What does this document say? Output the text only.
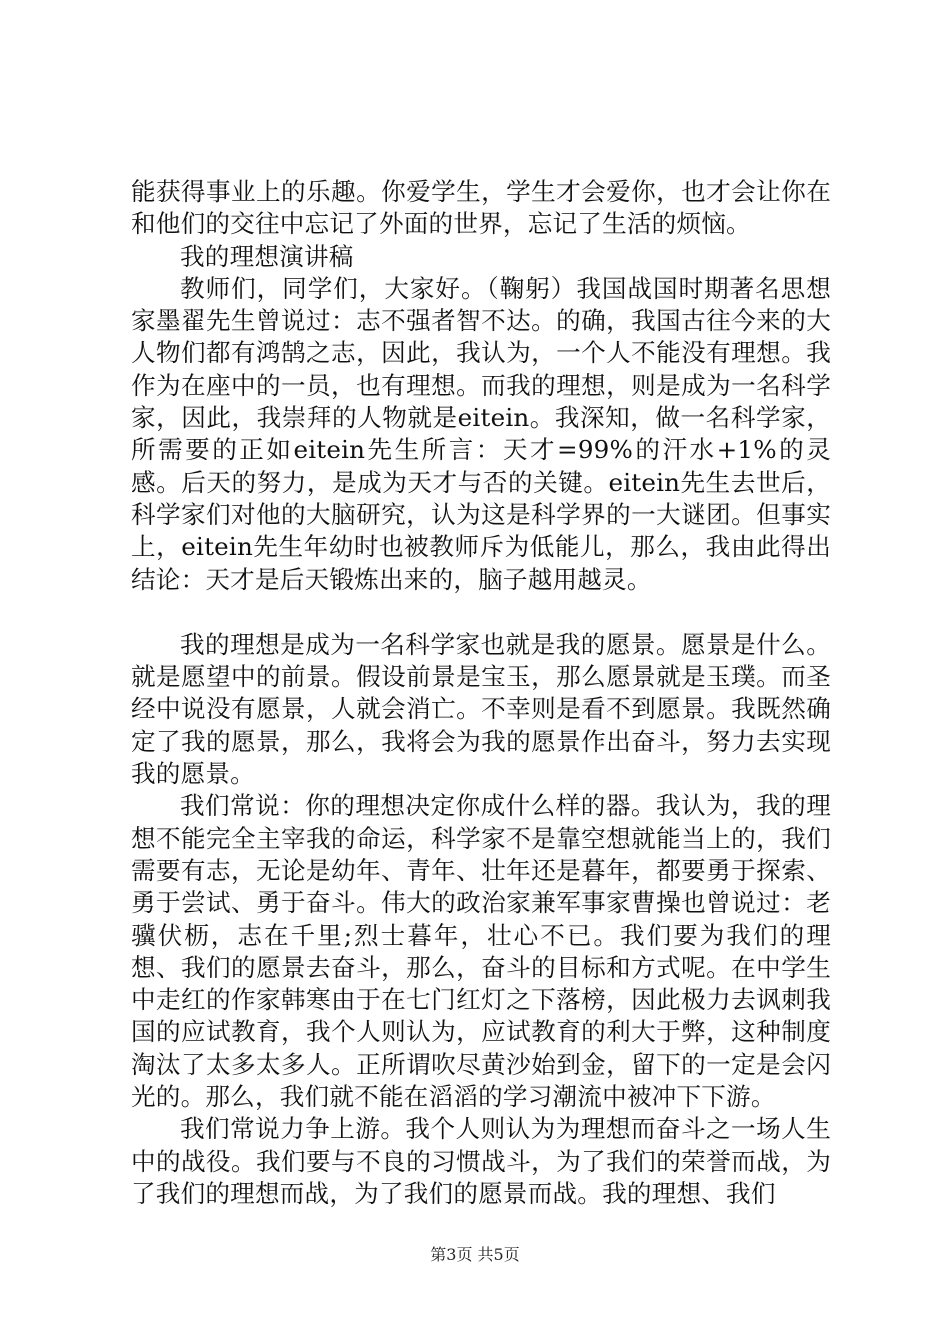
能获得事业上的乐趣。你爱学生，学生才会爱你，也才会让你在和他们的交往中忘记了外面的世界，忘记了生活的烦恼。

我的理想演讲稿

教师们，同学们，大家好。（鞠躬）我国战国时期著名思想家墨翟先生曾说过：志不强者智不达。的确，我国古往今来的大人物们都有鸿鹄之志，因此，我认为，一个人不能没有理想。我作为在座中的一员，也有理想。而我的理想，则是成为一名科学家，因此，我崇拜的人物就是eitein。我深知，做一名科学家，所需要的正如eitein先生所言：天才=99%的汗水+1%的灵感。后天的努力，是成为天才与否的关键。eitein先生去世后，科学家们对他的大脑研究，认为这是科学界的一大谜团。但事实上，eitein先生年幼时也被教师斥为低能儿，那么，我由此得出结论：天才是后天锻炼出来的，脑子越用越灵。

我的理想是成为一名科学家也就是我的愿景。愿景是什么。就是愿望中的前景。假设前景是宝玉，那么愿景就是玉璞。而圣经中说没有愿景，人就会消亡。不幸则是看不到愿景。我既然确定了我的愿景，那么，我将会为我的愿景作出奋斗，努力去实现我的愿景。

我们常说：你的理想决定你成什么样的器。我认为，我的理想不能完全主宰我的命运，科学家不是靠空想就能当上的，我们需要有志，无论是幼年、青年、壮年还是暮年，都要勇于探索、勇于尝试、勇于奋斗。伟大的政治家兼军事家曹操也曾说过：老骥伏枥，志在千里;烈士暮年，壮心不已。我们要为我们的理想、我们的愿景去奋斗，那么，奋斗的目标和方式呢。在中学生中走红的作家韩寒由于在七门红灯之下落榜，因此极力去讽刺我国的应试教育，我个人则认为，应试教育的利大于弊，这种制度淘汰了太多太多人。正所谓吹尽黄沙始到金，留下的一定是会闪光的。那么，我们就不能在滔滔的学习潮流中被冲下下游。

我们常说力争上游。我个人则认为为理想而奋斗之一场人生中的战役。我们要与不良的习惯战斗，为了我们的荣誉而战，为了我们的理想而战，为了我们的愿景而战。我的理想、我们

第3页 共5页
